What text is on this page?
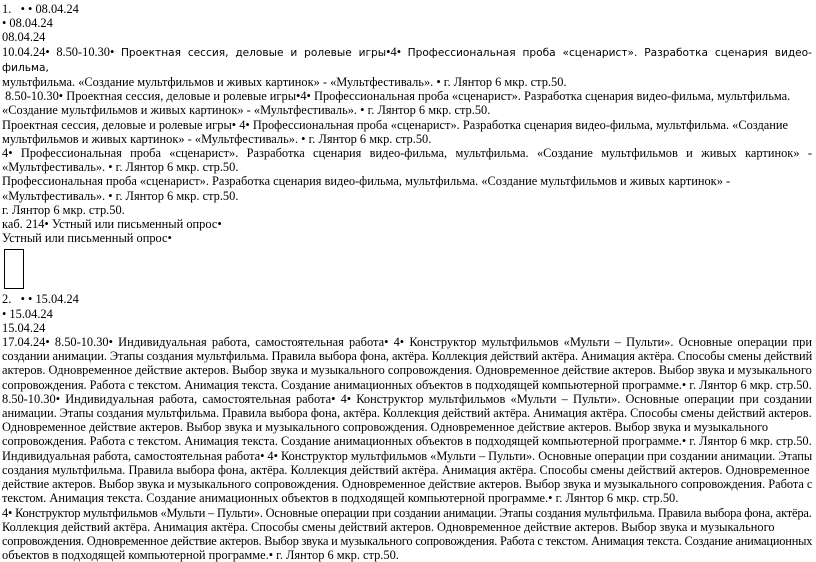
1. • • 08.04.24
• 08.04.24
08.04.24
10.04.24• 8.50-10.30• Проектная сессия, деловые и ролевые игры•4• Профессиональная проба «сценарист». Разработка сценария видео-фильма,
мультфильма. «Создание мультфильмов и живых картинок» - «Мультфестиваль». • г. Лянтор 6 мкр. стр.50.
8.50-10.30• Проектная сессия, деловые и ролевые игры•4• Профессиональная проба «сценарист». Разработка сценария видео-фильма, мультфильма.
«Создание мультфильмов и живых картинок» - «Мультфестиваль». • г. Лянтор 6 мкр. стр.50.
Проектная сессия, деловые и ролевые игры• 4• Профессиональная проба «сценарист». Разработка сценария видео-фильма, мультфильма. «Создание
мультфильмов и живых картинок» - «Мультфестиваль». • г. Лянтор 6 мкр. стр.50.
4• Профессиональная проба «сценарист». Разработка сценария видео-фильма, мультфильма. «Создание мультфильмов и живых картинок» -
«Мультфестиваль». • г. Лянтор 6 мкр. стр.50.
Профессиональная проба «сценарист». Разработка сценария видео-фильма, мультфильма. «Создание мультфильмов и живых картинок» -
«Мультфестиваль». • г. Лянтор 6 мкр. стр.50.
г. Лянтор 6 мкр. стр.50.
каб. 214• Устный или письменный опрос•
Устный или письменный опрос•
2. • • 15.04.24
• 15.04.24
15.04.24
17.04.24• 8.50-10.30• Индивидуальная работа, самостоятельная работа• 4• Конструктор мультфильмов «Мульти – Пульти». Основные операции при
создании анимации. Этапы создания мультфильма. Правила выбора фона, актёра. Коллекция действий актёра. Анимация актёра. Способы смены действий
актеров. Одновременное действие актеров. Выбор звука и музыкального сопровождения. Одновременное действие актеров. Выбор звука и музыкального
сопровождения. Работа с текстом. Анимация текста. Создание анимационных объектов в подходящей компьютерной программе.• г. Лянтор 6 мкр. стр.50.
8.50-10.30• Индивидуальная работа, самостоятельная работа• 4• Конструктор мультфильмов «Мульти – Пульти». Основные операции при создании
анимации. Этапы создания мультфильма. Правила выбора фона, актёра. Коллекция действий актёра. Анимация актёра. Способы смены действий актеров.
Одновременное действие актеров. Выбор звука и музыкального сопровождения. Одновременное действие актеров. Выбор звука и музыкального
сопровождения. Работа с текстом. Анимация текста. Создание анимационных объектов в подходящей компьютерной программе.• г. Лянтор 6 мкр. стр.50.
Индивидуальная работа, самостоятельная работа• 4• Конструктор мультфильмов «Мульти – Пульти». Основные операции при создании анимации. Этапы
создания мультфильма. Правила выбора фона, актёра. Коллекция действий актёра. Анимация актёра. Способы смены действий актеров. Одновременное
действие актеров. Выбор звука и музыкального сопровождения. Одновременное действие актеров. Выбор звука и музыкального сопровождения. Работа с
текстом. Анимация текста. Создание анимационных объектов в подходящей компьютерной программе.• г. Лянтор 6 мкр. стр.50.
4• Конструктор мультфильмов «Мульти – Пульти». Основные операции при создании анимации. Этапы создания мультфильма. Правила выбора фона, актёра.
Коллекция действий актёра. Анимация актёра. Способы смены действий актеров. Одновременное действие актеров. Выбор звука и музыкального
сопровождения. Одновременное действие актеров. Выбор звука и музыкального сопровождения. Работа с текстом. Анимация текста. Создание анимационных
объектов в подходящей компьютерной программе.• г. Лянтор 6 мкр. стр.50.
